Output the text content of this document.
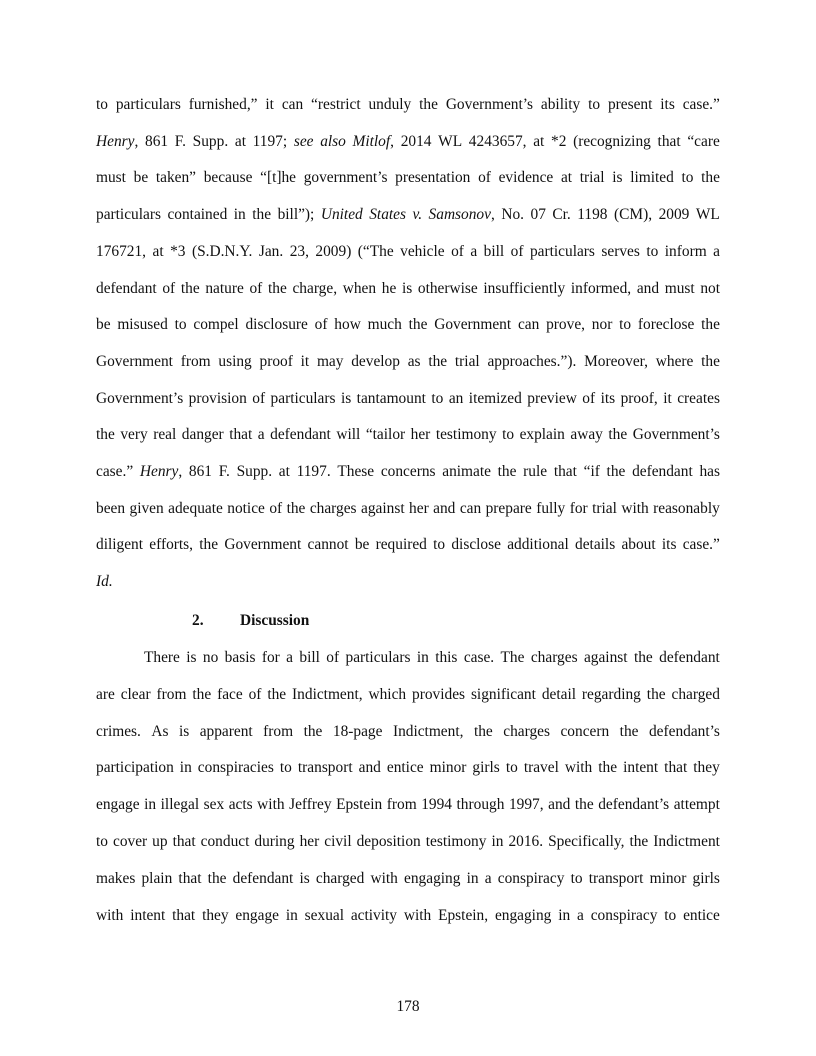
to particulars furnished,” it can “restrict unduly the Government’s ability to present its case.”
Henry, 861 F. Supp. at 1197; see also Mitlof, 2014 WL 4243657, at *2 (recognizing that “care
must be taken” because “[t]he government’s presentation of evidence at trial is limited to the
particulars contained in the bill”); United States v. Samsonov, No. 07 Cr. 1198 (CM), 2009 WL
176721, at *3 (S.D.N.Y. Jan. 23, 2009) (“The vehicle of a bill of particulars serves to inform a
defendant of the nature of the charge, when he is otherwise insufficiently informed, and must not
be misused to compel disclosure of how much the Government can prove, nor to foreclose the
Government from using proof it may develop as the trial approaches.”). Moreover, where the
Government’s provision of particulars is tantamount to an itemized preview of its proof, it creates
the very real danger that a defendant will “tailor her testimony to explain away the Government’s
case.” Henry, 861 F. Supp. at 1197. These concerns animate the rule that “if the defendant has
been given adequate notice of the charges against her and can prepare fully for trial with reasonably
diligent efforts, the Government cannot be required to disclose additional details about its case.”
Id.
2. Discussion
There is no basis for a bill of particulars in this case. The charges against the defendant
are clear from the face of the Indictment, which provides significant detail regarding the charged
crimes. As is apparent from the 18-page Indictment, the charges concern the defendant’s
participation in conspiracies to transport and entice minor girls to travel with the intent that they
engage in illegal sex acts with Jeffrey Epstein from 1994 through 1997, and the defendant’s attempt
to cover up that conduct during her civil deposition testimony in 2016. Specifically, the Indictment
makes plain that the defendant is charged with engaging in a conspiracy to transport minor girls
with intent that they engage in sexual activity with Epstein, engaging in a conspiracy to entice
178
